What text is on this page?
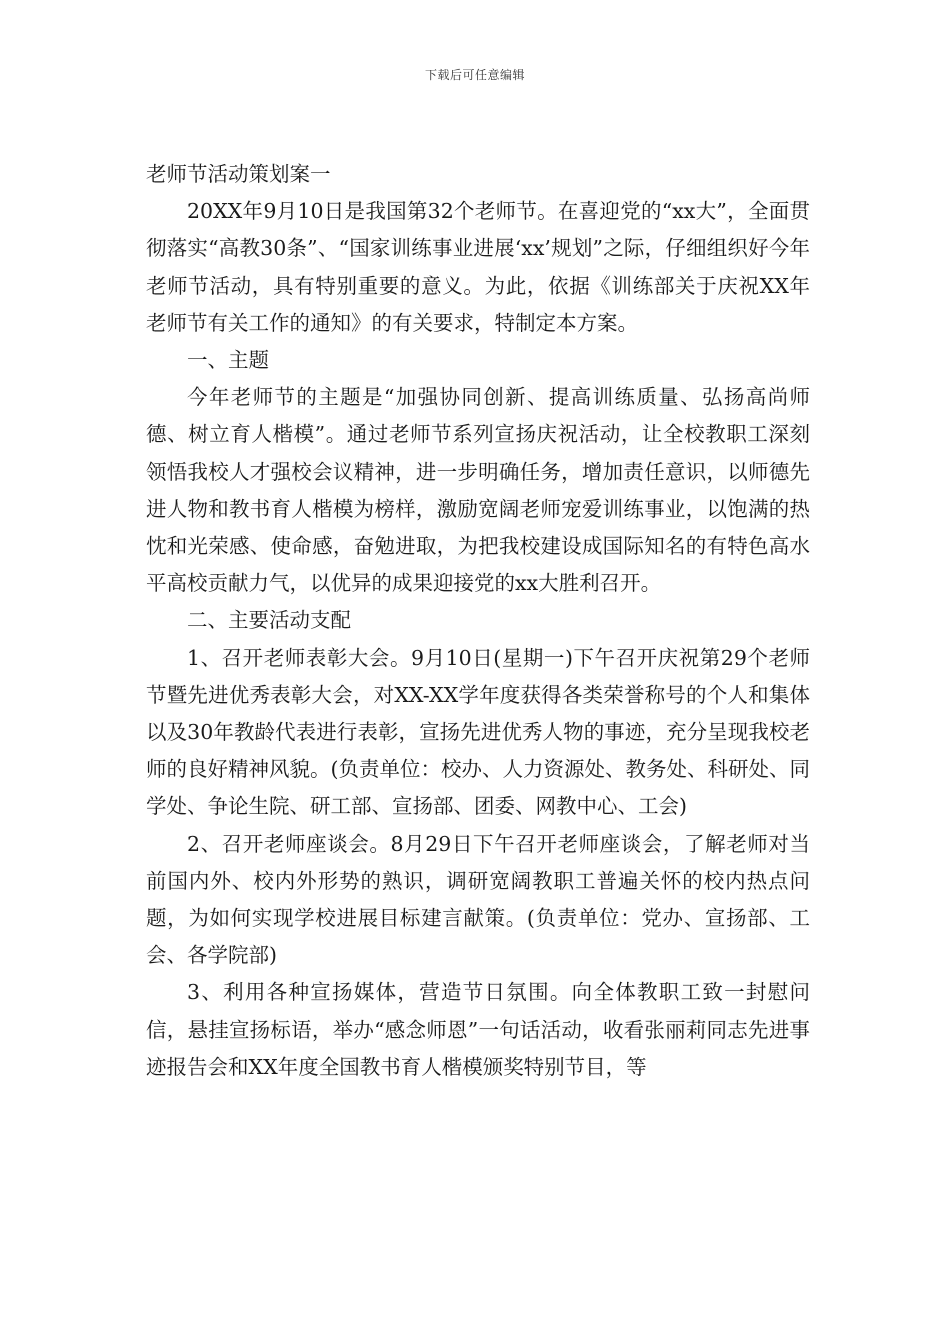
下载后可任意编辑

老师节活动策划案一

20XX年9月10日是我国第32个老师节。在喜迎党的“xx大”，全面贯彻落实“高教30条”、“国家训练事业进展‘xx’规划”之际，仔细组织好今年老师节活动，具有特别重要的意义。为此，依据《训练部关于庆祝XX年老师节有关工作的通知》的有关要求，特制定本方案。

一、主题

今年老师节的主题是“加强协同创新、提高训练质量、弘扬高尚师德、树立育人楷模”。通过老师节系列宣扬庆祝活动，让全校教职工深刻领悟我校人才强校会议精神，进一步明确任务，增加责任意识，以师德先进人物和教书育人楷模为榜样，激励宽阔老师宠爱训练事业，以饱满的热忱和光荣感、使命感，奋勉进取，为把我校建设成国际知名的有特色高水平高校贡献力气，以优异的成果迎接党的xx大胜利召开。

二、主要活动支配

1、召开老师表彰大会。9月10日(星期一)下午召开庆祝第29个老师节暨先进优秀表彰大会，对XX-XX学年度获得各类荣誉称号的个人和集体以及30年教龄代表进行表彰，宣扬先进优秀人物的事迹，充分呈现我校老师的良好精神风貌。(负责单位：校办、人力资源处、教务处、科研处、同学处、争论生院、研工部、宣扬部、团委、网教中心、工会)

2、召开老师座谈会。8月29日下午召开老师座谈会，了解老师对当前国内外、校内外形势的熟识，调研宽阔教职工普遍关怀的校内热点问题，为如何实现学校进展目标建言献策。(负责单位：党办、宣扬部、工会、各学院部)

3、利用各种宣扬媒体，营造节日氛围。向全体教职工致一封慰问信，悬挂宣扬标语，举办“感念师恩”一句话活动，收看张丽莉同志先进事迹报告会和XX年度全国教书育人楷模颁奖特别节目，等
